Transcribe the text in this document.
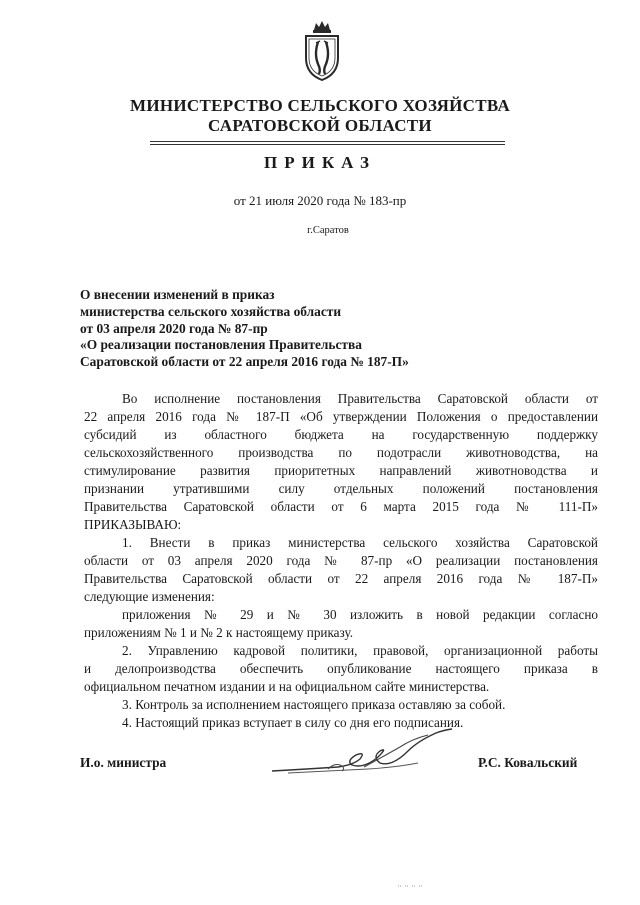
МИНИСТЕРСТВО СЕЛЬСКОГО ХОЗЯЙСТВА
САРАТОВСКОЙ ОБЛАСТИ
ПРИКАЗ
от 21 июля 2020 года № 183-пр
г.Саратов
О внесении изменений в приказ
министерства сельского хозяйства области
от 03 апреля 2020 года № 87-пр
«О реализации постановления Правительства
Саратовской области от 22 апреля 2016 года № 187-П»
Во исполнение постановления Правительства Саратовской области от
22 апреля 2016 года № 187-П «Об утверждении Положения о предоставлении
субсидий из областного бюджета на государственную поддержку
сельскохозяйственного производства по подотрасли животноводства, на
стимулирование развития приоритетных направлений животноводства и
признании утратившими силу отдельных положений постановления
Правительства Саратовской области от 6 марта 2015 года № 111-П»
ПРИКАЗЫВАЮ:
1. Внести в приказ министерства сельского хозяйства Саратовской
области от 03 апреля 2020 года № 87-пр «О реализации постановления
Правительства Саратовской области от 22 апреля 2016 года № 187-П»
следующие изменения:
приложения № 29 и № 30 изложить в новой редакции согласно
приложениям № 1 и № 2 к настоящему приказу.
2. Управлению кадровой политики, правовой, организационной работы
и делопроизводства обеспечить опубликование настоящего приказа в
официальном печатном издании и на официальном сайте министерства.
3. Контроль за исполнением настоящего приказа оставляю за собой.
4. Настоящий приказ вступает в силу со дня его подписания.
И.о. министра	Р.С. Ковальский
